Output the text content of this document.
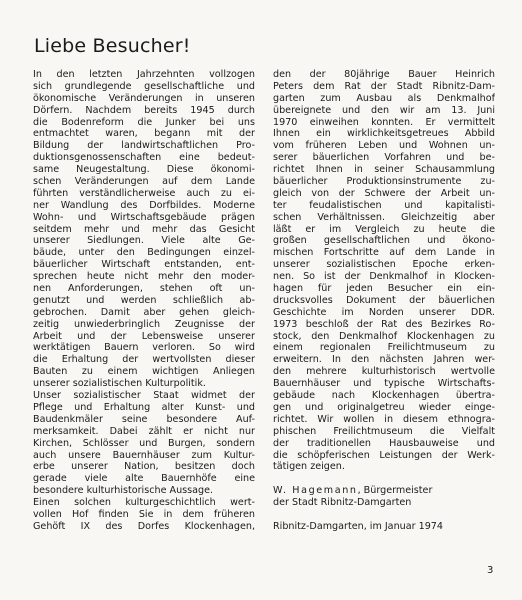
Liebe Besucher!
In den letzten Jahrzehnten vollzogen
sich grundlegende gesellschaftliche und
ökonomische Veränderungen in unseren
Dörfern. Nachdem bereits 1945 durch
die Bodenreform die Junker bei uns
entmachtet waren, begann mit der
Bildung der landwirtschaftlichen Pro-
duktionsgenossenschaften eine bedeut-
same Neugestaltung. Diese ökonomi-
schen Veränderungen auf dem Lande
führten verständlicherweise auch zu ei-
ner Wandlung des Dorfbildes. Moderne
Wohn- und Wirtschaftsgebäude prägen
seitdem mehr und mehr das Gesicht
unserer Siedlungen. Viele alte Ge-
bäude, unter den Bedingungen einzel-
bäuerlicher Wirtschaft entstanden, ent-
sprechen heute nicht mehr den moder-
nen Anforderungen, stehen oft un-
genutzt und werden schließlich ab-
gebrochen. Damit aber gehen gleich-
zeitig unwiederbringlich Zeugnisse der
Arbeit und der Lebensweise unserer
werktätigen Bauern verloren. So wird
die Erhaltung der wertvollsten dieser
Bauten zu einem wichtigen Anliegen
unserer sozialistischen Kulturpolitik.
Unser sozialistischer Staat widmet der
Pflege und Erhaltung alter Kunst- und
Baudenkmäler seine besondere Auf-
merksamkeit. Dabei zählt er nicht nur
Kirchen, Schlösser und Burgen, sondern
auch unsere Bauernhäuser zum Kultur-
erbe unserer Nation, besitzen doch
gerade viele alte Bauernhöfe eine
besondere kulturhistorische Aussage.
Einen solchen kulturgeschichtlich wert-
vollen Hof finden Sie in dem früheren
Gehöft IX des Dorfes Klockenhagen,
den der 80jährige Bauer Heinrich
Peters dem Rat der Stadt Ribnitz-Dam-
garten zum Ausbau als Denkmalhof
übereignete und den wir am 13. Juni
1970 einweihen konnten. Er vermittelt
Ihnen ein wirklichkeitsgetreues Abbild
vom früheren Leben und Wohnen un-
serer bäuerlichen Vorfahren und be-
richtet Ihnen in seiner Schausammlung
bäuerlicher Produktionsinstrumente zu-
gleich von der Schwere der Arbeit un-
ter feudalistischen und kapitalisti-
schen Verhältnissen. Gleichzeitig aber
läßt er im Vergleich zu heute die
großen gesellschaftlichen und ökono-
mischen Fortschritte auf dem Lande in
unserer sozialistischen Epoche erken-
nen. So ist der Denkmalhof in Klocken-
hagen für jeden Besucher ein ein-
drucksvolles Dokument der bäuerlichen
Geschichte im Norden unserer DDR.
1973 beschloß der Rat des Bezirkes Ro-
stock, den Denkmalhof Klockenhagen zu
einem regionalen Freilichtmuseum zu
erweitern. In den nächsten Jahren wer-
den mehrere kulturhistorisch wertvolle
Bauernhäuser und typische Wirtschafts-
gebäude nach Klockenhagen übertra-
gen und originalgetreu wieder einge-
richtet. Wir wollen in diesem ethnogra-
phischen Freilichtmuseum die Vielfalt
der traditionellen Hausbauweise und
die schöpferischen Leistungen der Werk-
tätigen zeigen.
W. Hagemann, Bürgermeister
der Stadt Ribnitz-Damgarten
Ribnitz-Damgarten, im Januar 1974
3
